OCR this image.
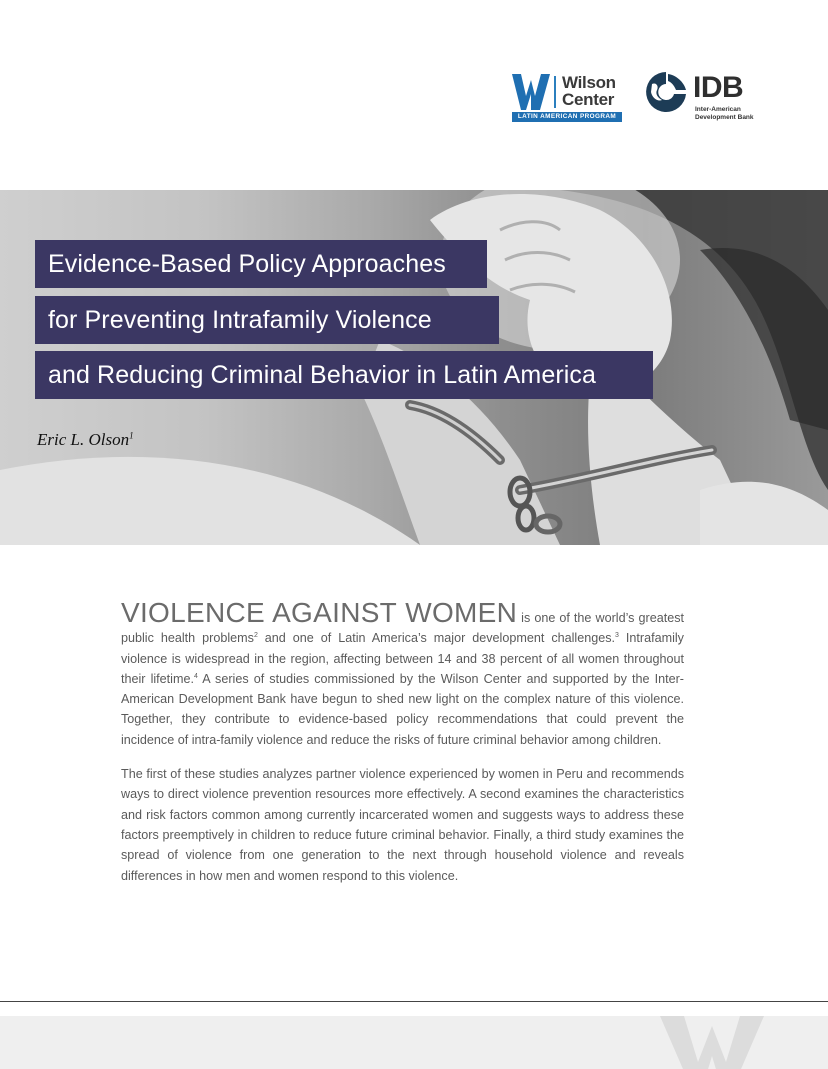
Wilson
Center
LATIN AMERICAN PROGRAM
IDB
Inter-American
Development Bank
Evidence-Based Policy Approaches
for Preventing Intrafamily Violence
and Reducing Criminal Behavior in Latin America
Eric L. Olson$^1$

VIOLENCE AGAINST WOMEN is one of the world’s greatest public health problems$^2$ and one of Latin America’s major development challenges.$^3$ Intrafamily violence is widespread in the region, affecting between 14 and 38 percent of all women throughout their lifetime.$^4$ A series of studies commissioned by the Wilson Center and supported by the Inter-American Development Bank have begun to shed new light on the complex nature of this violence. Together, they contribute to evidence-based policy recommendations that could prevent the incidence of intra-family violence and reduce the risks of future criminal behavior among children.

The first of these studies analyzes partner violence experienced by women in Peru and recommends ways to direct violence prevention resources more effectively. A second examines the characteristics and risk factors common among currently incarcerated women and suggests ways to address these factors preemptively in children to reduce future criminal behavior. Finally, a third study examines the spread of violence from one generation to the next through household violence and reveals differences in how men and women respond to this violence.
